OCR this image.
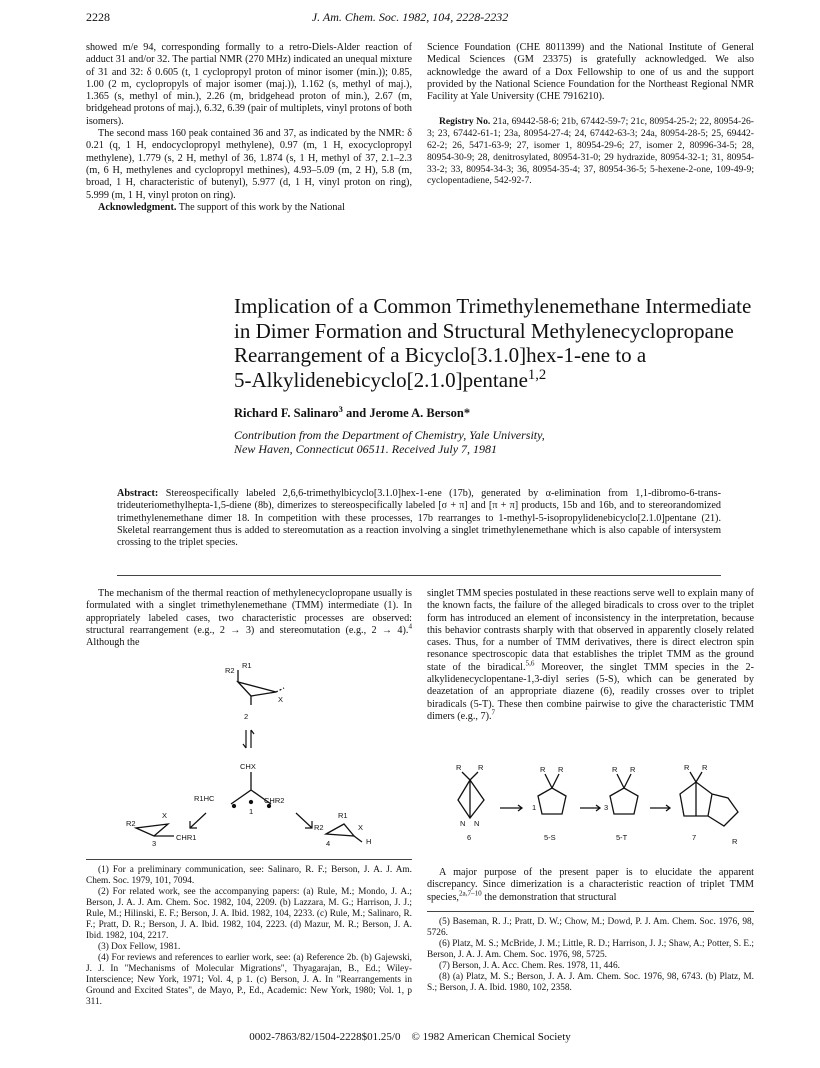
2228	J. Am. Chem. Soc. 1982, 104, 2228-2232

showed m/e 94, corresponding formally to a retro-Diels-Alder reaction of adduct 31 and/or 32. The partial NMR (270 MHz) indicated an unequal mixture of 31 and 32: δ 0.605 (t, 1 cyclopropyl proton of minor isomer (min.)); 0.85, 1.00 (2 m, cyclopropyls of major isomer (maj.)), 1.162 (s, methyl of maj.), 1.365 (s, methyl of min.), 2.26 (m, bridgehead proton of min.), 2.67 (m, bridgehead protons of maj.), 6.32, 6.39 (pair of multiplets, vinyl protons of both isomers).

The second mass 160 peak contained 36 and 37, as indicated by the NMR: δ 0.21 (q, 1 H, endocyclopropyl methylene), 0.97 (m, 1 H, exocyclopropyl methylene), 1.779 (s, 2 H, methyl of 36, 1.874 (s, 1 H, methyl of 37, 2.1–2.3 (m, 6 H, methylenes and cyclopropyl methines), 4.93–5.09 (m, 2 H), 5.8 (m, broad, 1 H, characteristic of butenyl), 5.977 (d, 1 H, vinyl proton on ring), 5.999 (m, 1 H, vinyl proton on ring).

Acknowledgment. The support of this work by the National

Science Foundation (CHE 8011399) and the National Institute of General Medical Sciences (GM 23375) is gratefully acknowledged. We also acknowledge the award of a Dox Fellowship to one of us and the support provided by the National Science Foundation for the Northeast Regional NMR Facility at Yale University (CHE 7916210).

Registry No. 21a, 69442-58-6; 21b, 67442-59-7; 21c, 80954-25-2; 22, 80954-26-3; 23, 67442-61-1; 23a, 80954-27-4; 24, 67442-63-3; 24a, 80954-28-5; 25, 69442-62-2; 26, 5471-63-9; 27, isomer 1, 80954-29-6; 27, isomer 2, 80996-34-5; 28, 80954-30-9; 28, denitrosylated, 80954-31-0; 29 hydrazide, 80954-32-1; 31, 80954-33-2; 33, 80954-34-3; 36, 80954-35-4; 37, 80954-36-5; 5-hexene-2-one, 109-49-9; cyclopentadiene, 542-92-7.

Implication of a Common Trimethylenemethane Intermediate
in Dimer Formation and Structural Methylenecyclopropane
Rearrangement of a Bicyclo[3.1.0]hex-1-ene to a
5-Alkylidenebicyclo[2.1.0]pentane$^{1,2}$
Richard F. Salinaro$^3$ and Jerome A. Berson*
Contribution from the Department of Chemistry, Yale University,
New Haven, Connecticut 06511. Received July 7, 1981
Abstract: Stereospecifically labeled 2,6,6-trimethylbicyclo[3.1.0]hex-1-ene (17b), generated by α-elimination from 1,1-dibromo-6-trans-trideuteriomethylhepta-1,5-diene (8b), dimerizes to stereospecifically labeled [σ + π] and [π + π] products, 15b and 16b, and to stereorandomized trimethylenemethane dimer 18. In competition with these processes, 17b rearranges to 1-methyl-5-isopropylidenebicyclo[2.1.0]pentane (21). Skeletal rearrangement thus is added to stereomutation as a reaction involving a singlet trimethylenemethane which is also capable of intersystem crossing to the triplet species.

The mechanism of the thermal reaction of methylenecyclopropane usually is formulated with a singlet trimethylenemethane (TMM) intermediate (1). In appropriately labeled cases, two characteristic processes are observed: structural rearrangement (e.g., 2 → 3) and stereomutation (e.g., 2 → 4).$^4$ Although the

R2
R1
2
X
CHX
R1HC	CHR2
1
R2
X
CHR1
3
R2
R1
X
4	H

singlet TMM species postulated in these reactions serve well to explain many of the known facts, the failure of the alleged biradicals to cross over to the triplet form has introduced an element of inconsistency in the interpretation, because this behavior contrasts sharply with that observed in apparently closely related cases. Thus, for a number of TMM derivatives, there is direct electron spin resonance spectroscopic data that establishes the triplet TMM as the ground state of the biradical.$^{5,6}$ Moreover, the singlet TMM species in the 2-alkylidenecyclopentane-1,3-diyl series (5-S), which can be generated by deazetation of an appropriate diazene (6), readily crosses over to triplet biradicals (5-T). These then combine pairwise to give the characteristic TMM dimers (e.g., 7).$^7$

R R	R R	R R	R R
6	5-S	5-T	7
N N
1	3
R

A major purpose of the present paper is to elucidate the apparent discrepancy. Since dimerization is a characteristic reaction of triplet TMM species,$^{2a,7-10}$ the demonstration that structural

(1) For a preliminary communication, see: Salinaro, R. F.; Berson, J. A. J. Am. Chem. Soc. 1979, 101, 7094.

(2) For related work, see the accompanying papers: (a) Rule, M.; Mondo, J. A.; Berson, J. A. J. Am. Chem. Soc. 1982, 104, 2209. (b) Lazzara, M. G.; Harrison, J. J.; Rule, M.; Hilinski, E. F.; Berson, J. A. Ibid. 1982, 104, 2233. (c) Rule, M.; Salinaro, R. F.; Pratt, D. R.; Berson, J. A. Ibid. 1982, 104, 2223. (d) Mazur, M. R.; Berson, J. A. Ibid. 1982, 104, 2217.

(3) Dox Fellow, 1981.

(4) For reviews and references to earlier work, see: (a) Reference 2b. (b) Gajewski, J. J. In "Mechanisms of Molecular Migrations", Thyagarajan, B., Ed.; Wiley-Interscience; New York, 1971; Vol. 4, p 1. (c) Berson, J. A. In "Rearrangements in Ground and Excited States", de Mayo, P., Ed., Academic: New York, 1980; Vol. 1, p 311.

(5) Baseman, R. J.; Pratt, D. W.; Chow, M.; Dowd, P. J. Am. Chem. Soc. 1976, 98, 5726.

(6) Platz, M. S.; McBride, J. M.; Little, R. D.; Harrison, J. J.; Shaw, A.; Potter, S. E.; Berson, J. A. J. Am. Chem. Soc. 1976, 98, 5725.

(7) Berson, J. A. Acc. Chem. Res. 1978, 11, 446.

(8) (a) Platz, M. S.; Berson, J. A. J. Am. Chem. Soc. 1976, 98, 6743. (b) Platz, M. S.; Berson, J. A. Ibid. 1980, 102, 2358.

0002-7863/82/1504-2228$01.25/0 © 1982 American Chemical Society
